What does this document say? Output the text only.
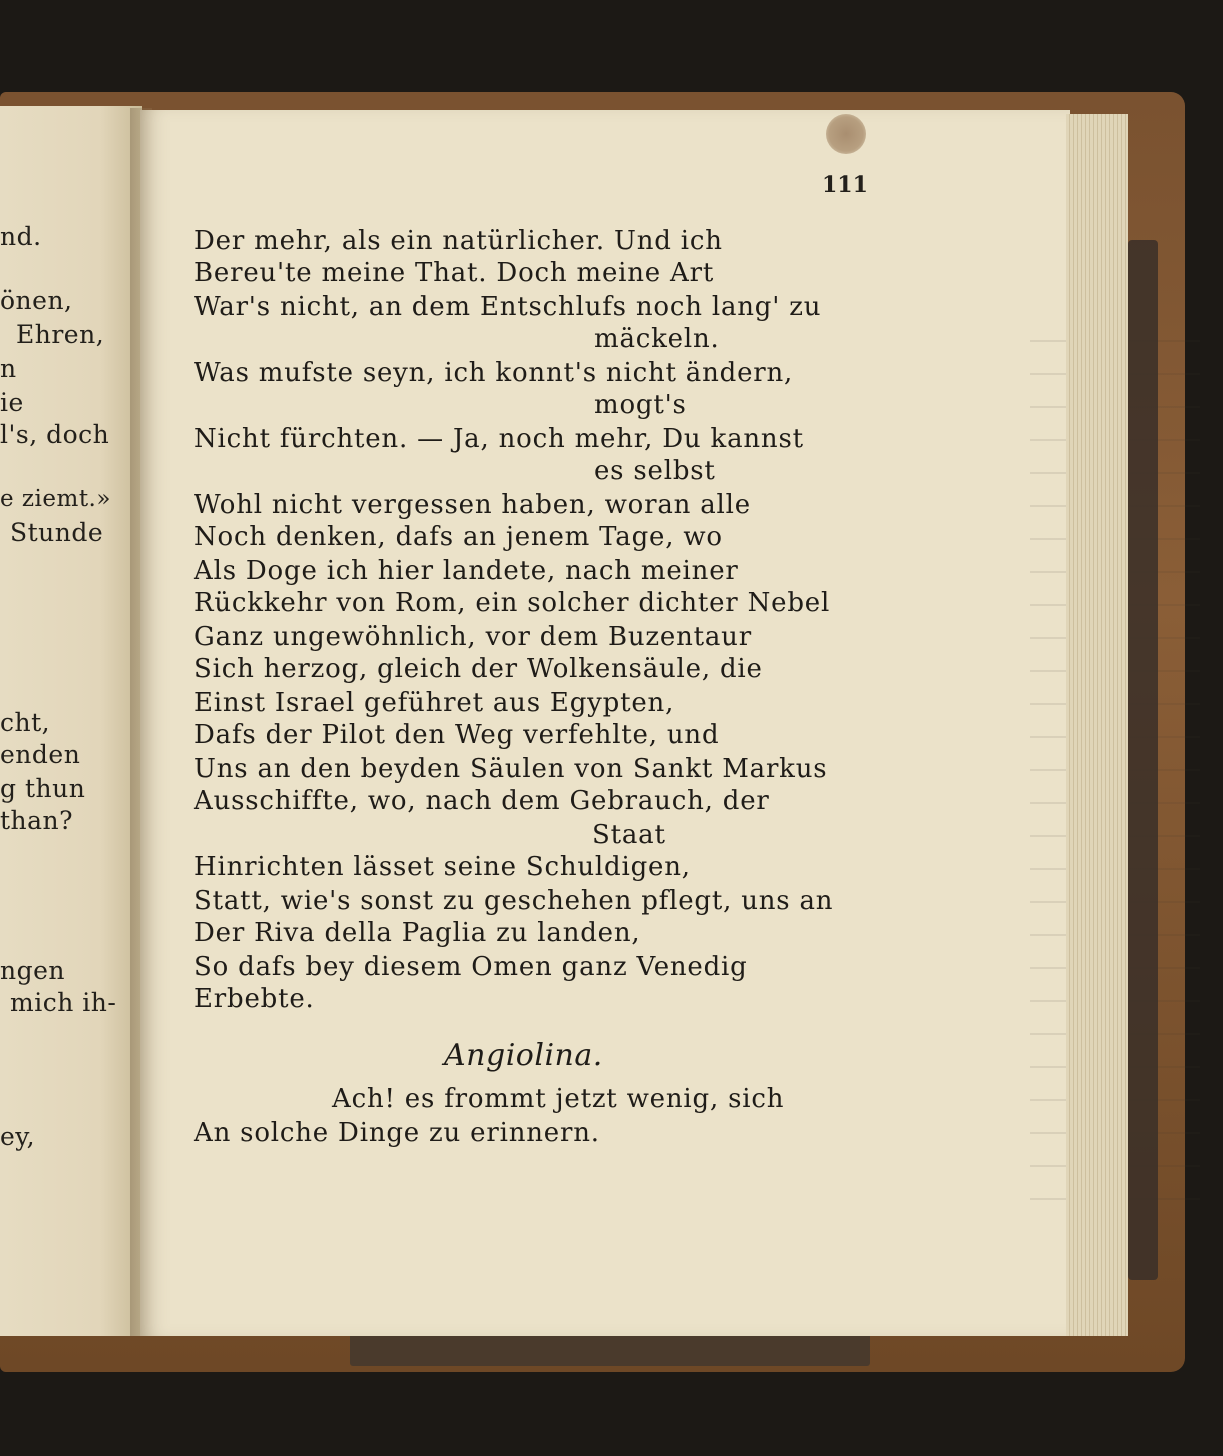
nd.
önen,
Ehren,
n
ie
l's, doch
e ziemt.»
Stunde
cht,
enden
g thun
than?
ngen
mich ih-
ey,
111
Der mehr, als ein natürlicher. Und ich
Bereu'te meine That. Doch meine Art
War's nicht, an dem Entschlufs noch lang' zu
mäckeln.
Was mufste seyn, ich konnt's nicht ändern,
mogt's
Nicht fürchten. — Ja, noch mehr, Du kannst
es selbst
Wohl nicht vergessen haben, woran alle
Noch denken, dafs an jenem Tage, wo
Als Doge ich hier landete, nach meiner
Rückkehr von Rom, ein solcher dichter Nebel
Ganz ungewöhnlich, vor dem Buzentaur
Sich herzog, gleich der Wolkensäule, die
Einst Israel geführet aus Egypten,
Dafs der Pilot den Weg verfehlte, und
Uns an den beyden Säulen von Sankt Markus
Ausschiffte, wo, nach dem Gebrauch, der
Staat
Hinrichten lässet seine Schuldigen,
Statt, wie's sonst zu geschehen pflegt, uns an
Der Riva della Paglia zu landen,
So dafs bey diesem Omen ganz Venedig
Erbebte.
Angiolina.
Ach! es frommt jetzt wenig, sich
An solche Dinge zu erinnern.
